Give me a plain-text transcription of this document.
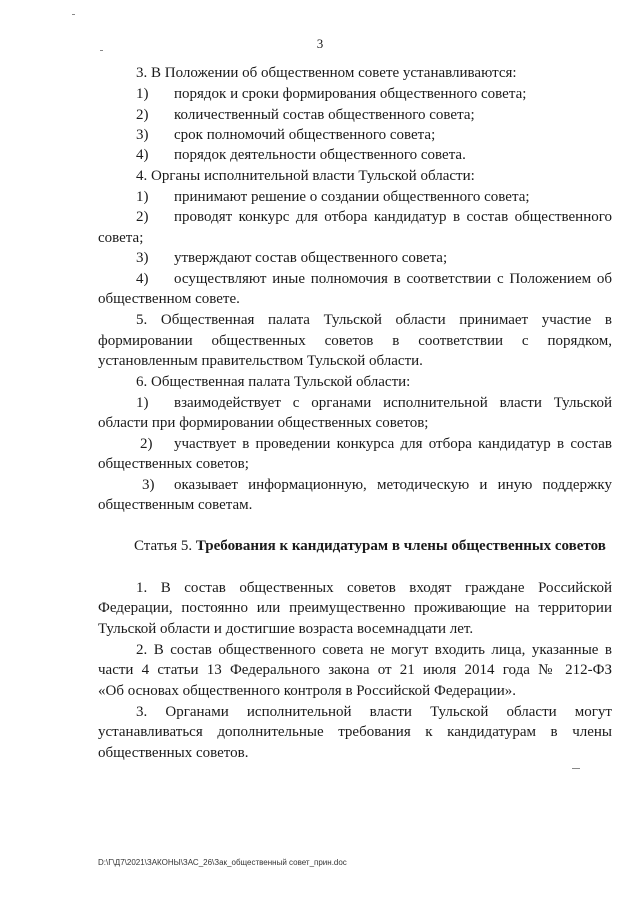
3
3. В Положении об общественном совете устанавливаются:
1) порядок и сроки формирования общественного совета;
2) количественный состав общественного совета;
3) срок полномочий общественного совета;
4) порядок деятельности общественного совета.
4. Органы исполнительной власти Тульской области:
1) принимают решение о создании общественного совета;
2) проводят конкурс для отбора кандидатур в состав общественного
совета;
3) утверждают состав общественного совета;
4) осуществляют иные полномочия в соответствии с Положением об
общественном совете.
5. Общественная палата Тульской области принимает участие в
формировании общественных советов в соответствии с порядком,
установленным правительством Тульской области.
6. Общественная палата Тульской области:
1) взаимодействует с органами исполнительной власти Тульской
области при формировании общественных советов;
2) участвует в проведении конкурса для отбора кандидатур в состав
общественных советов;
3) оказывает информационную, методическую и иную поддержку
общественным советам.
Статья 5. Требования к кандидатурам в члены общественных советов
1. В состав общественных советов входят граждане Российской
Федерации, постоянно или преимущественно проживающие на территории
Тульской области и достигшие возраста восемнадцати лет.
2. В состав общественного совета не могут входить лица, указанные в
части 4 статьи 13 Федерального закона от 21 июля 2014 года № 212-ФЗ
«Об основах общественного контроля в Российской Федерации».
3. Органами исполнительной власти Тульской области могут
устанавливаться дополнительные требования к кандидатурам в члены
общественных советов.
D:\Г\Д7\2021\ЗАКОНЫ\ЗАС_26\Зак_общественный совет_прин.doc
